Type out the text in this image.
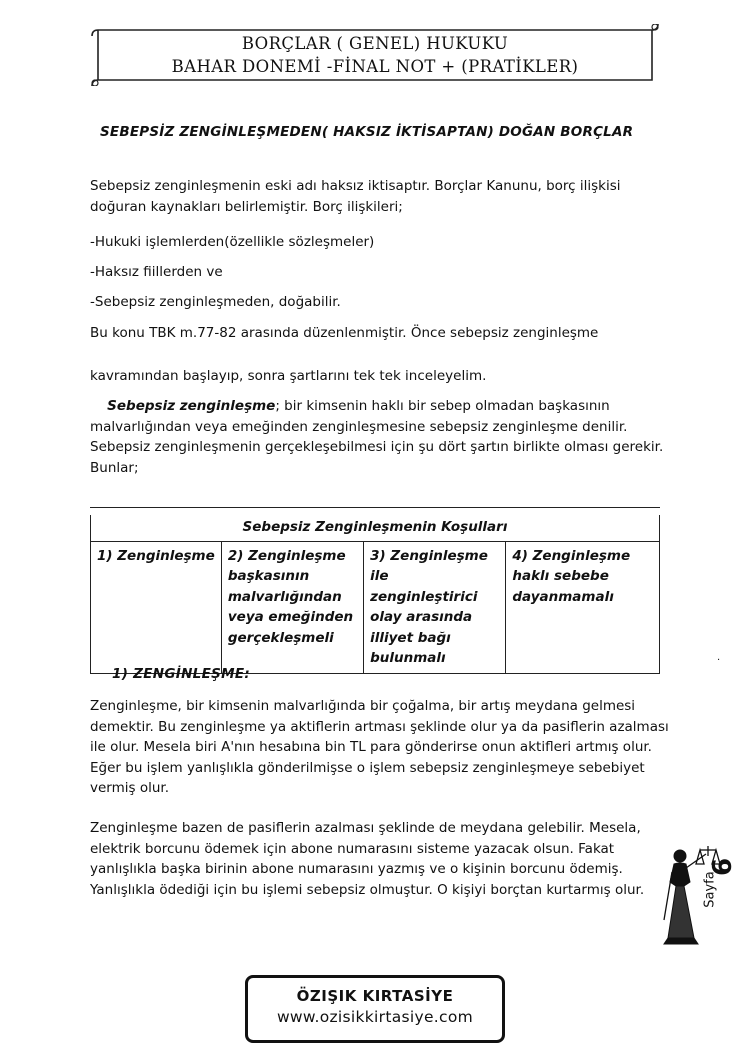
BORÇLAR ( GENEL) HUKUKU
BAHAR DONEMİ -FİNAL NOT + (PRATİKLER)
SEBEPSİZ ZENGİNLEŞMEDEN( HAKSIZ İKTİSAPTAN) DOĞAN BORÇLAR

Sebepsiz zenginleşmenin eski adı haksız iktisaptır. Borçlar Kanunu, borç ilişkisi doğuran kaynakları belirlemiştir. Borç ilişkileri;

-Hukuki işlemlerden(özellikle sözleşmeler)

-Haksız fiillerden ve

-Sebepsiz zenginleşmeden, doğabilir.

Bu konu TBK m.77-82 arasında düzenlenmiştir. Önce sebepsiz zenginleşme

kavramından başlayıp, sonra şartlarını tek tek inceleyelim.

Sebepsiz zenginleşme; bir kimsenin haklı bir sebep olmadan başkasının malvarlığından veya emeğinden zenginleşmesine sebepsiz zenginleşme denilir. Sebepsiz zenginleşmenin gerçekleşebilmesi için şu dört şartın birlikte olması gerekir. Bunlar;

Sebepsiz Zenginleşmenin Koşulları
1) Zenginleşme	2) Zenginleşme başkasının malvarlığından veya emeğinden gerçekleşmeli	3) Zenginleşme ile zenginleştirici olay arasında illiyet bağı bulunmalı	4) Zenginleşme haklı sebebe dayanmamalı
.
1) ZENGİNLEŞME:

Zenginleşme, bir kimsenin malvarlığında bir çoğalma, bir artış meydana gelmesi demektir. Bu zenginleşme ya aktiflerin artması şeklinde olur ya da pasiflerin azalması ile olur. Mesela biri A'nın hesabına bin TL para gönderirse onun aktifleri artmış olur. Eğer bu işlem yanlışlıkla gönderilmişse o işlem sebepsiz zenginleşmeye sebebiyet vermiş olur.

Zenginleşme bazen de pasiflerin azalması şeklinde de meydana gelebilir. Mesela, elektrik borcunu ödemek için abone numarasını sisteme yazacak olsun. Fakat yanlışlıkla başka birinin abone numarasını yazmış ve o kişinin borcunu ödemiş. Yanlışlıkla ödediği için bu işlemi sebepsiz olmuştur. O kişiyi borçtan kurtarmış olur.	Sayfa
6
ÖZIŞIK KIRTASİYE
www.ozisikkirtasiye.com
